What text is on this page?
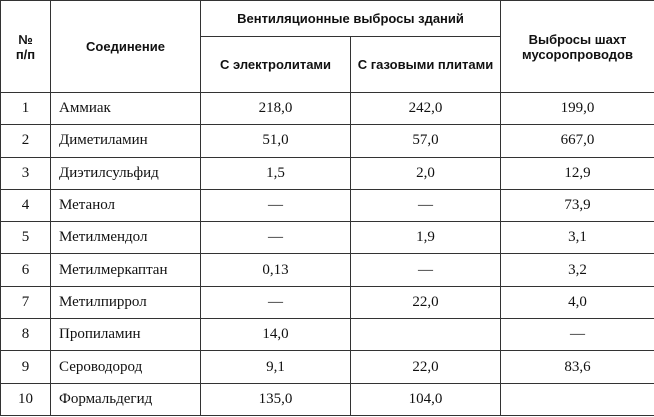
№
п/п	Соединение	Вентиляционные выбросы зданий		Выбросы шахт мусоропроводов
		С электролитами	С газовыми плитами	
1	Аммиак	218,0	242,0	199,0
2	Диметиламин	51,0	57,0	667,0
3	Диэтилсульфид	1,5	2,0	12,9
4	Метанол	—	—	73,9
5	Метилмендол	—	1,9	3,1
6	Метилмеркаптан	0,13	—	3,2
7	Метилпиррол	—	22,0	4,0
8	Пропиламин	14,0		—
9	Сероводород	9,1	22,0	83,6
10	Формальдегид	135,0	104,0	
